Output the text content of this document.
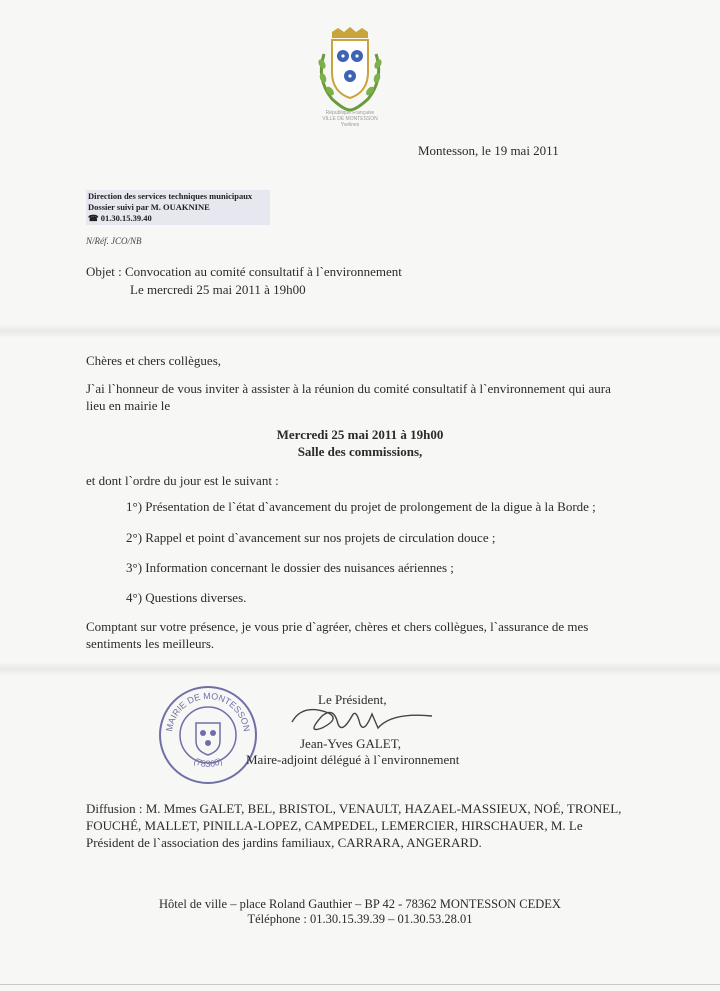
République Française
VILLE DE MONTESSON
Yvelines
Montesson, le 19 mai 2011
Direction des services techniques municipaux
Dossier suivi par M. OUAKNINE
☎ 01.30.15.39.40
N/Réf. JCO/NB
Objet : Convocation au comité consultatif à l`environnement
Le mercredi 25 mai 2011 à 19h00
Chères et chers collègues,
J`ai l`honneur de vous inviter à assister à la réunion du comité consultatif à l`environnement qui aura lieu en mairie le
Mercredi 25 mai 2011 à 19h00
Salle des commissions,
et dont l`ordre du jour est le suivant :
1°) Présentation de l`état d`avancement du projet de prolongement de la digue à la Borde ;
2°) Rappel et point d`avancement sur nos projets de circulation douce ;
3°) Information concernant le dossier des nuisances aériennes ;
4°) Questions diverses.
Comptant sur votre présence, je vous prie d`agréer, chères et chers collègues, l`assurance de mes sentiments les meilleurs.
MAIRIE DE MONTESSON
(78360)
Le Président,
Jean-Yves GALET,
Maire-adjoint délégué à l`environnement
Diffusion : M. Mmes GALET, BEL, BRISTOL, VENAULT, HAZAEL-MASSIEUX, NOÉ, TRONEL, FOUCHÉ, MALLET, PINILLA-LOPEZ, CAMPEDEL, LEMERCIER, HIRSCHAUER, M. Le Président de l`association des jardins familiaux, CARRARA, ANGERARD.
Hôtel de ville – place Roland Gauthier – BP 42 - 78362 MONTESSON CEDEX
Téléphone : 01.30.15.39.39 – 01.30.53.28.01
